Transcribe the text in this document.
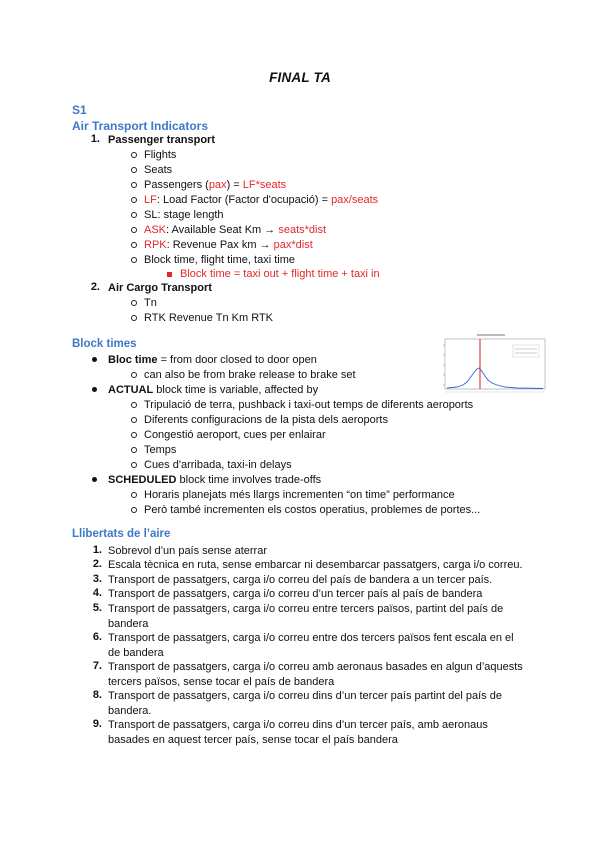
FINAL TA
S1
Air Transport Indicators
1. Passenger transport
Flights
Seats
Passengers (pax) = LF*seats
LF: Load Factor (Factor d'ocupació) = pax/seats
SL: stage length
ASK: Available Seat Km → seats*dist
RPK: Revenue Pax km → pax*dist
Block time, flight time, taxi time
Block time = taxi out + flight time + taxi in
2. Air Cargo Transport
Tn
RTK Revenue Tn Km RTK
Block times
Bloc time = from door closed to door open
can also be from brake release to brake set
ACTUAL block time is variable, affected by
Tripulació de terra, pushback i taxi-out temps de diferents aeroports
Diferents configuracions de la pista dels aeroports
Congestió aeroport, cues per enlairar
Temps
Cues d'arribada, taxi-in delays
SCHEDULED block time involves trade-offs
Horaris planejats més llargs incrementen “on time” performance
Però també incrementen els costos operatius, problemes de portes...
Llibertats de l’aire
1. Sobrevol d’un país sense aterrar
2. Escala tècnica en ruta, sense embarcar ni desembarcar passatgers, carga i/o correu.
3. Transport de passatgers, carga i/o correu del país de bandera a un tercer país.
4. Transport de passatgers, carga i/o correu d’un tercer país al país de bandera
5. Transport de passatgers, carga i/o correu entre tercers països, partint del país de bandera
6. Transport de passatgers, carga i/o correu entre dos tercers països fent escala en el de bandera
7. Transport de passatgers, carga i/o correu amb aeronaus basades en algun d’aquests tercers països, sense tocar el país de bandera
8. Transport de passatgers, carga i/o correu dins d’un tercer país partint del país de bandera.
9. Transport de passatgers, carga i/o correu dins d’un tercer país, amb aeronaus basades en aquest tercer país, sense tocar el país bandera
